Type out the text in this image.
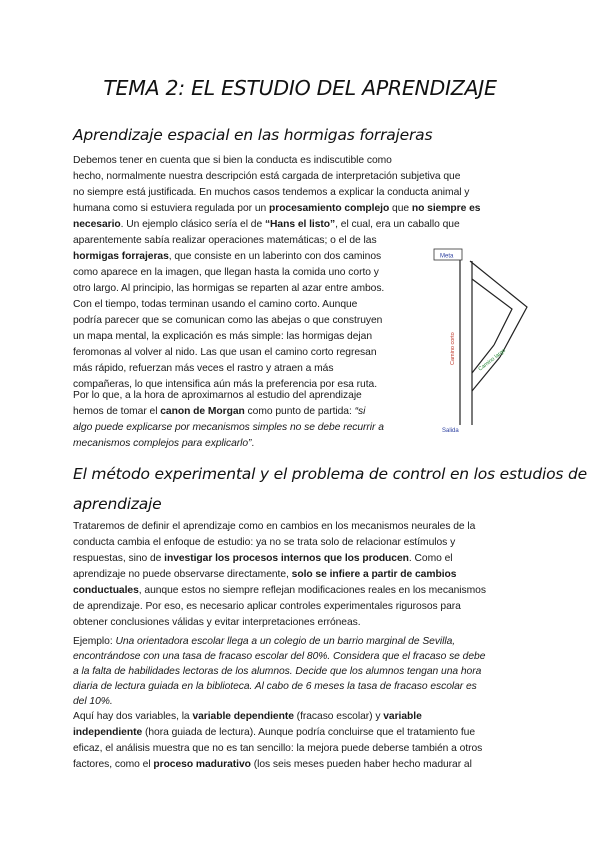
TEMA 2: EL ESTUDIO DEL APRENDIZAJE
Aprendizaje espacial en las hormigas forrajeras
Debemos tener en cuenta que si bien la conducta es indiscutible como
hecho, normalmente nuestra descripción está cargada de interpretación subjetiva que
no siempre está justificada. En muchos casos tendemos a explicar la conducta animal y
humana como si estuviera regulada por un procesamiento complejo que no siempre es
necesario. Un ejemplo clásico sería el de “Hans el listo”, el cual, era un caballo que
aparentemente sabía realizar operaciones matemáticas; o el de las
hormigas forrajeras, que consiste en un laberinto con dos caminos
como aparece en la imagen, que llegan hasta la comida uno corto y
otro largo. Al principio, las hormigas se reparten al azar entre ambos.
Con el tiempo, todas terminan usando el camino corto. Aunque
podría parecer que se comunican como las abejas o que construyen
un mapa mental, la explicación es más simple: las hormigas dejan
feromonas al volver al nido. Las que usan el camino corto regresan
más rápido, refuerzan más veces el rastro y atraen a más
compañeras, lo que intensifica aún más la preferencia por esa ruta.
Por lo que, a la hora de aproximarnos al estudio del aprendizaje
hemos de tomar el canon de Morgan como punto de partida: “si
algo puede explicarse por mecanismos simples no se debe recurrir a
mecanismos complejos para explicarlo”.
Meta
Salida
Camino corto	Camino largo
El método experimental y el problema de control en los estudios de
aprendizaje
Trataremos de definir el aprendizaje como en cambios en los mecanismos neurales de la
conducta cambia el enfoque de estudio: ya no se trata solo de relacionar estímulos y
respuestas, sino de investigar los procesos internos que los producen. Como el
aprendizaje no puede observarse directamente, solo se infiere a partir de cambios
conductuales, aunque estos no siempre reflejan modificaciones reales en los mecanismos
de aprendizaje. Por eso, es necesario aplicar controles experimentales rigurosos para
obtener conclusiones válidas y evitar interpretaciones erróneas.
Ejemplo: Una orientadora escolar llega a un colegio de un barrio marginal de Sevilla,
encontrándose con una tasa de fracaso escolar del 80%. Considera que el fracaso se debe
a la falta de habilidades lectoras de los alumnos. Decide que los alumnos tengan una hora
diaria de lectura guiada en la biblioteca. Al cabo de 6 meses la tasa de fracaso escolar es
del 10%.
Aquí hay dos variables, la variable dependiente (fracaso escolar) y variable
independiente (hora guiada de lectura). Aunque podría concluirse que el tratamiento fue
eficaz, el análisis muestra que no es tan sencillo: la mejora puede deberse también a otros
factores, como el proceso madurativo (los seis meses pueden haber hecho madurar al
